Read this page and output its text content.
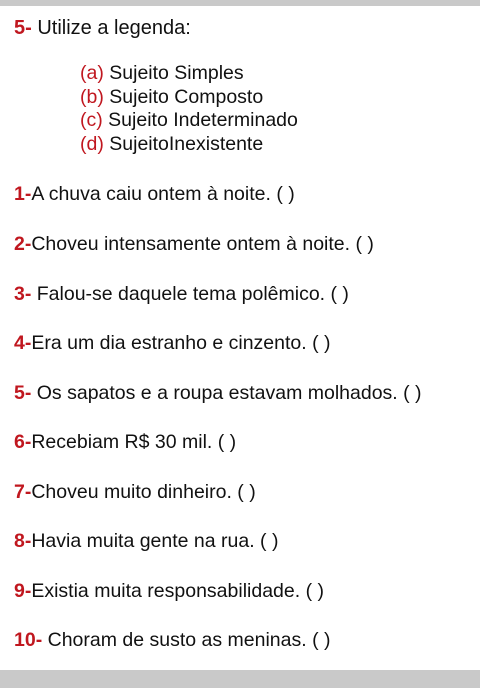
5- Utilize a legenda:
(a) Sujeito Simples
(b) Sujeito Composto
(c) Sujeito Indeterminado
(d) SujeitoInexistente
1-A chuva caiu ontem à noite. ( )
2-Choveu intensamente ontem à noite. ( )
3- Falou-se daquele tema polêmico. ( )
4-Era um dia estranho e cinzento. ( )
5- Os sapatos e a roupa estavam molhados. ( )
6-Recebiam R$ 30 mil. ( )
7-Choveu muito dinheiro. ( )
8-Havia muita gente na rua. ( )
9-Existia muita responsabilidade. ( )
10- Choram de susto as meninas. ( )
